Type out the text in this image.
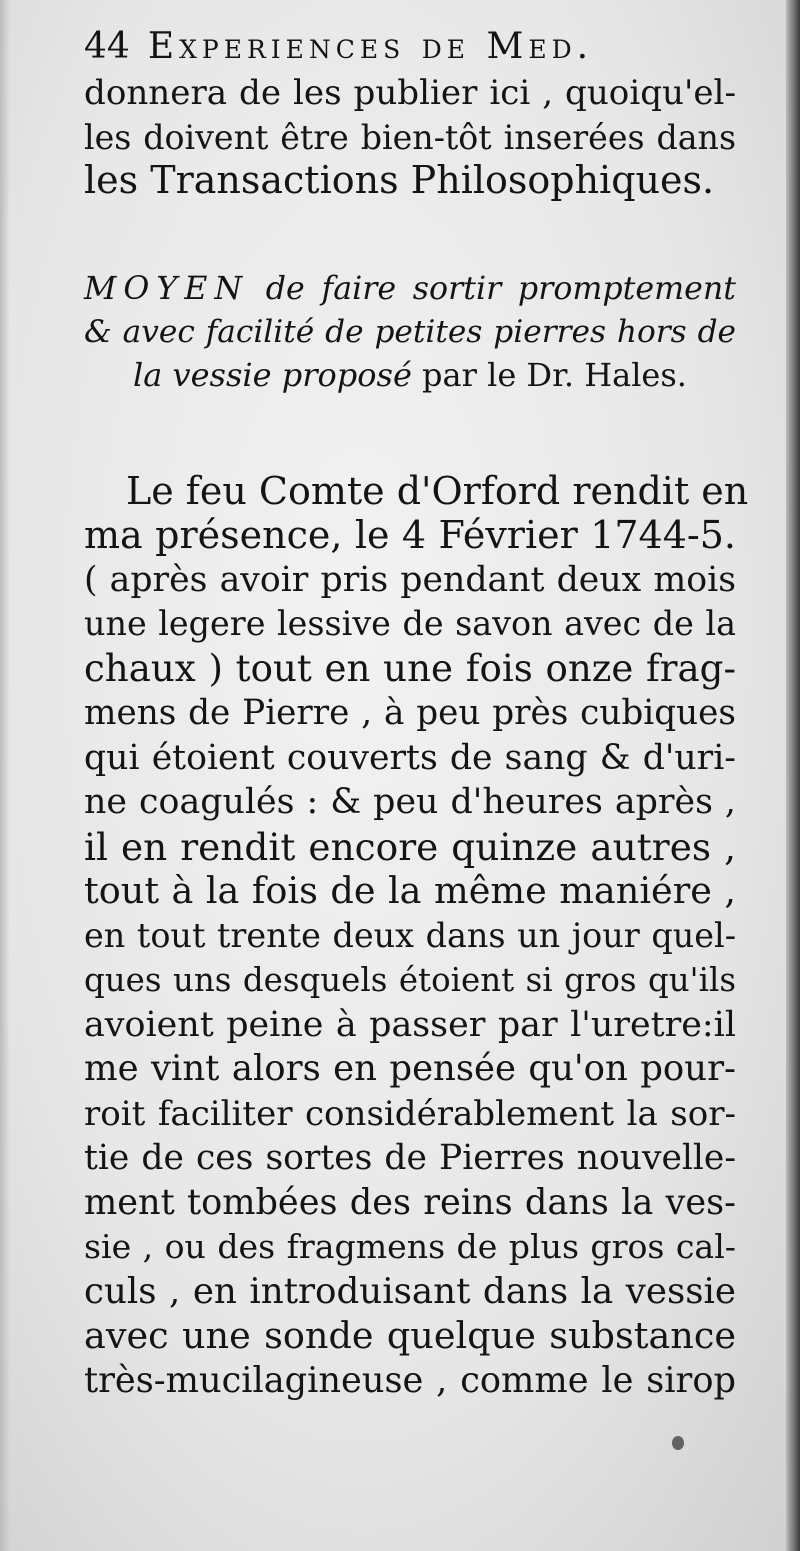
44 Experiences de Med.
donnera de les publier ici , quoiqu'el-
les doivent être bien-tôt inserées dans
les Transactions Philosophiques.
MOYEN de faire sortir promptement
& avec facilité de petites pierres hors de
la vessie proposé par le Dr. Hales.
Le feu Comte d'Orford rendit en
ma présence, le 4 Février 1744-5.
( après avoir pris pendant deux mois
une legere lessive de savon avec de la
chaux ) tout en une fois onze frag-
mens de Pierre , à peu près cubiques
qui étoient couverts de sang & d'uri-
ne coagulés : & peu d'heures après ,
il en rendit encore quinze autres ,
tout à la fois de la même maniére ,
en tout trente deux dans un jour quel-
ques uns desquels étoient si gros qu'ils
avoient peine à passer par l'uretre:il
me vint alors en pensée qu'on pour-
roit faciliter considérablement la sor-
tie de ces sortes de Pierres nouvelle-
ment tombées des reins dans la ves-
sie , ou des fragmens de plus gros cal-
culs , en introduisant dans la vessie
avec une sonde quelque substance
très-mucilagineuse , comme le sirop
